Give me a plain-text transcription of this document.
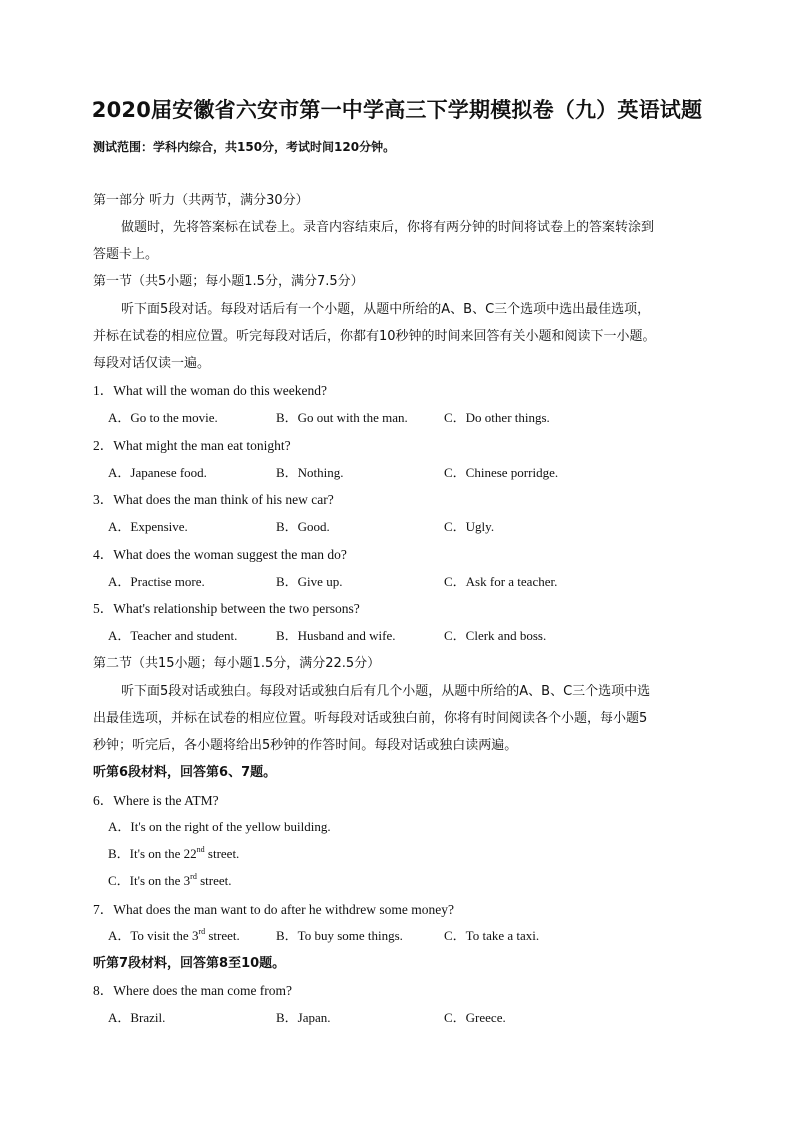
2020届安徽省六安市第一中学高三下学期模拟卷（九）英语试题
测试范围：学科内综合，共150分，考试时间120分钟。
第一部分 听力（共两节，满分30分）
做题时，先将答案标在试卷上。录音内容结束后，你将有两分钟的时间将试卷上的答案转涂到
答题卡上。
第一节（共5小题；每小题1.5分，满分7.5分）
听下面5段对话。每段对话后有一个小题，从题中所给的A、B、C三个选项中选出最佳选项，
并标在试卷的相应位置。听完每段对话后，你都有10秒钟的时间来回答有关小题和阅读下一小题。
每段对话仅读一遍。
1．What will the woman do this weekend?
A．Go to the movie.	B．Go out with the man.	C．Do other things.
2．What might the man eat tonight?
A．Japanese food.	B．Nothing.	C．Chinese porridge.
3．What does the man think of his new car?
A．Expensive.	B．Good.	C．Ugly.
4．What does the woman suggest the man do?
A．Practise more.	B．Give up.	C．Ask for a teacher.
5．What's relationship between the two persons?
A．Teacher and student.	B．Husband and wife.	C．Clerk and boss.
第二节（共15小题；每小题1.5分，满分22.5分）
听下面5段对话或独白。每段对话或独白后有几个小题，从题中所给的A、B、C三个选项中选
出最佳选项，并标在试卷的相应位置。听每段对话或独白前，你将有时间阅读各个小题，每小题5
秒钟；听完后，各小题将给出5秒钟的作答时间。每段对话或独白读两遍。
听第6段材料，回答第6、7题。
6．Where is the ATM?
A．It's on the right of the yellow building.
B．It's on the 22nd street.
C．It's on the 3rd street.
7．What does the man want to do after he withdrew some money?
A．To visit the 3rd street.	B．To buy some things.	C．To take a taxi.
听第7段材料，回答第8至10题。
8．Where does the man come from?
A．Brazil.	B．Japan.	C．Greece.
